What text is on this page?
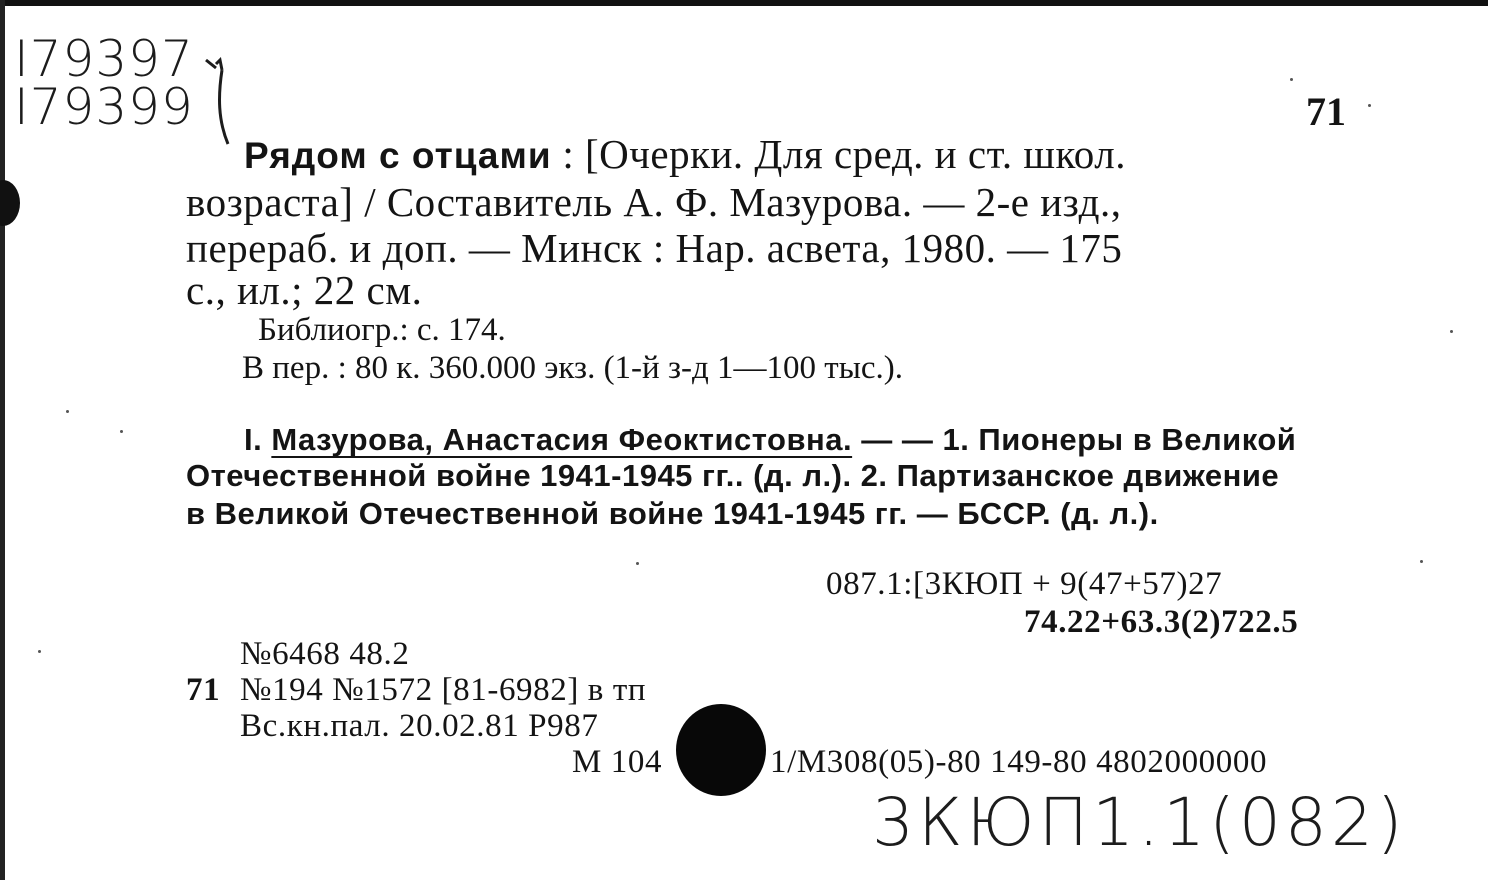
I79397
I79399	71
Рядом с отцами : [Очерки. Для сред. и ст. школ.
возраста] / Составитель А. Ф. Мазурова. — 2-е изд.,
перераб. и доп. — Минск : Нар. асвета, 1980. — 175
с., ил.; 22 см.
Библиогр.: с. 174.
В пер. : 80 к. 360.000 экз. (1-й з-д 1—100 тыс.).
I. Мазурова, Анастасия Феоктистовна. — — 1. Пионеры в Великой
Отечественной войне 1941-1945 гг.. (д. л.). 2. Партизанское движение
в Великой Отечественной войне 1941-1945 гг. — БССР. (д. л.).
087.1:[3КЮП + 9(47+57)27
74.22+63.3(2)722.5
№6468 48.2
71 №194 №1572 [81-6982] в тп
Вс.кн.пал. 20.02.81 Р987
М 104	1/М308(05)-80 149-80 4802000000
3КЮП1.1(082)
